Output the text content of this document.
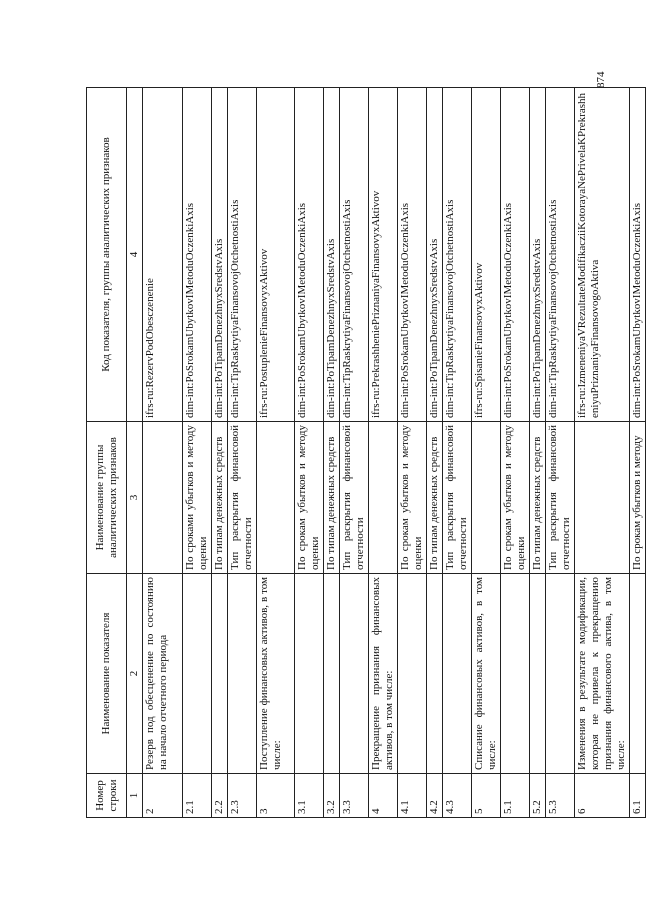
874
Номер строки	Наименование показателя	Наименование группы аналитических признаков	Код показателя, группы аналитических признаков
1	2	3	4
2	Резерв под обесценение по состоянию на начало отчетного периода		ifrs-ru:RezervPodObesczenenie
2.1		По сроками убытков и методу оценки	dim-int:PoSrokamUbytkovIMetoduOczenkiAxis
2.2		По типам денежных средств	dim-int:PoTipamDenezhnyxSredstvAxis
2.3		Тип раскрытия финансовой отчетности	dim-int:TipRaskrytiyaFinansovojOtchetnostiAxis
3	Поступление финансовых активов, в том числе:		ifrs-ru:PostuplenieFinansovyxAktivov
3.1		По срокам убытков и методу оценки	dim-int:PoSrokamUbytkovIMetoduOczenkiAxis
3.2		По типам денежных средств	dim-int:PoTipamDenezhnyxSredstvAxis
3.3		Тип раскрытия финансовой отчетности	dim-int:TipRaskrytiyaFinansovojOtchetnostiAxis
4	Прекращение признания финансовых активов, в том числе:		ifrs-ru:PrekrashheniePriznaniyaFinansovyxAktivov
4.1		По срокам убытков и методу оценки	dim-int:PoSrokamUbytkovIMetoduOczenkiAxis
4.2		По типам денежных средств	dim-int:PoTipamDenezhnyxSredstvAxis
4.3		Тип раскрытия финансовой отчетности	dim-int:TipRaskrytiyaFinansovojOtchetnostiAxis
5	Списание финансовых активов, в том числе:		ifrs-ru:SpisanieFinansovyxAktivov
5.1		По срокам убытков и методу оценки	dim-int:PoSrokamUbytkovIMetoduOczenkiAxis
5.2		По типам денежных средств	dim-int:PoTipamDenezhnyxSredstvAxis
5.3		Тип раскрытия финансовой отчетности	dim-int:TipRaskrytiyaFinansovojOtchetnostiAxis
6	Изменения в результате модификации, которая не привела к прекращению признания финансового актива, в том числе:		ifrs-ru:IzmeneniyaVRezultateModifikacziiKotorayaNePrivelaKPrekrashheniyuPriznaniyaFinansovogoAktiva
6.1		По срокам убытков и методу	dim-int:PoSrokamUbytkovIMetoduOczenkiAxis
